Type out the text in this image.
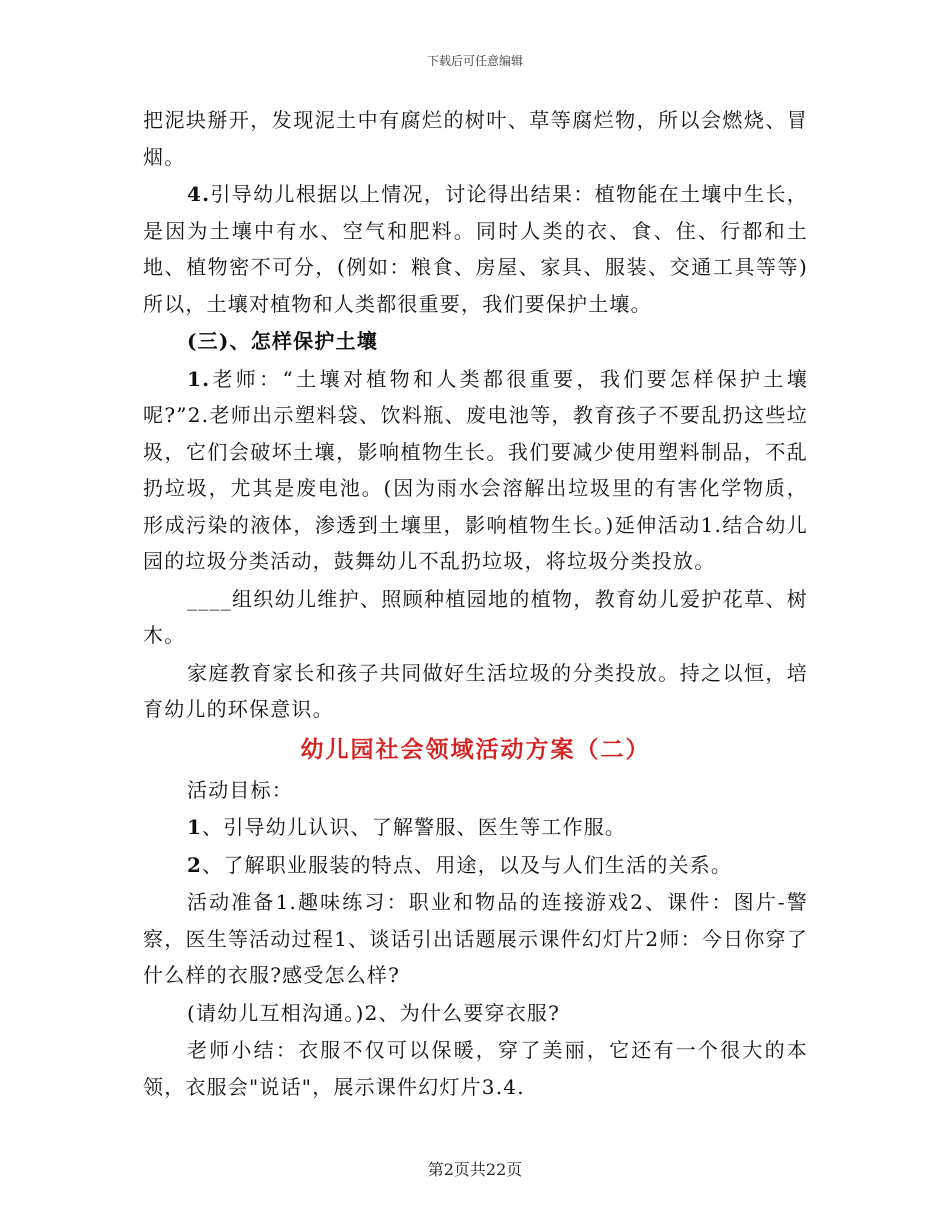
下载后可任意编辑

把泥块掰开，发现泥土中有腐烂的树叶、草等腐烂物，所以会燃烧、冒烟。

4.引导幼儿根据以上情况，讨论得出结果：植物能在土壤中生长，是因为土壤中有水、空气和肥料。同时人类的衣、食、住、行都和土地、植物密不可分，(例如：粮食、房屋、家具、服装、交通工具等等)所以，土壤对植物和人类都很重要，我们要保护土壤。

(三)、怎样保护土壤

1.老师：“土壤对植物和人类都很重要，我们要怎样保护土壤呢?”2.老师出示塑料袋、饮料瓶、废电池等，教育孩子不要乱扔这些垃圾，它们会破坏土壤，影响植物生长。我们要减少使用塑料制品，不乱扔垃圾，尤其是废电池。(因为雨水会溶解出垃圾里的有害化学物质，形成污染的液体，渗透到土壤里，影响植物生长。)延伸活动1.结合幼儿园的垃圾分类活动，鼓舞幼儿不乱扔垃圾，将垃圾分类投放。

____组织幼儿维护、照顾种植园地的植物，教育幼儿爱护花草、树木。

家庭教育家长和孩子共同做好生活垃圾的分类投放。持之以恒，培育幼儿的环保意识。

幼儿园社会领域活动方案（二）

活动目标：

1、引导幼儿认识、了解警服、医生等工作服。

2、了解职业服装的特点、用途，以及与人们生活的关系。

活动准备1.趣味练习：职业和物品的连接游戏2、课件：图片-警察，医生等活动过程1、谈话引出话题展示课件幻灯片2师：今日你穿了什么样的衣服?感受怎么样?

(请幼儿互相沟通。)2、为什么要穿衣服?

老师小结：衣服不仅可以保暖，穿了美丽，它还有一个很大的本领，衣服会"说话"，展示课件幻灯片3.4.

第2页共22页
